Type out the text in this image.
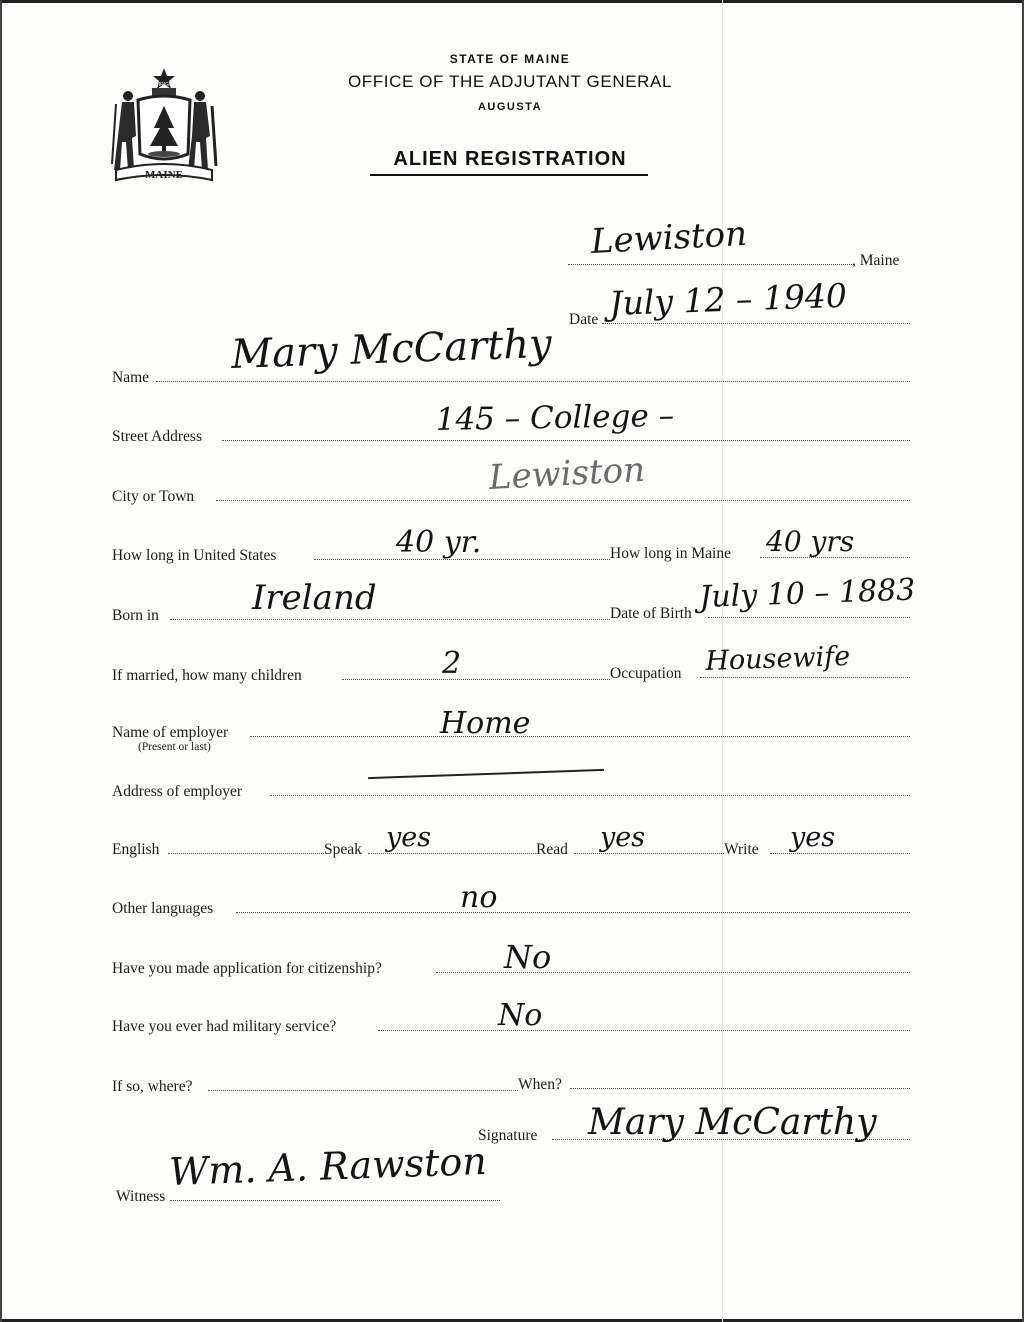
MAINE
DIRIGO
STATE OF MAINE
OFFICE OF THE ADJUTANT GENERAL
AUGUSTA
ALIEN REGISTRATION
, Maine
Lewiston
Date July 12 – 1940
Name Mary McCarthy
Street Address	145 – College –
City or Town	Lewiston
How long in United States	40 yr.	How long in Maine 40 yrs
Born in	Ireland	Date of Birth July 10 – 1883
If married, how many children	2	Occupation Housewife
Name of employer
(Present or last)
Home
Address of employer
English	Speak yes	Read yes	Write yes
Other languages	no
Have you made application for citizenship?	No
Have you ever had military service?	No
If so, where?	When?
Signature Mary McCarthy
Witness
Wm. A. Rawston
